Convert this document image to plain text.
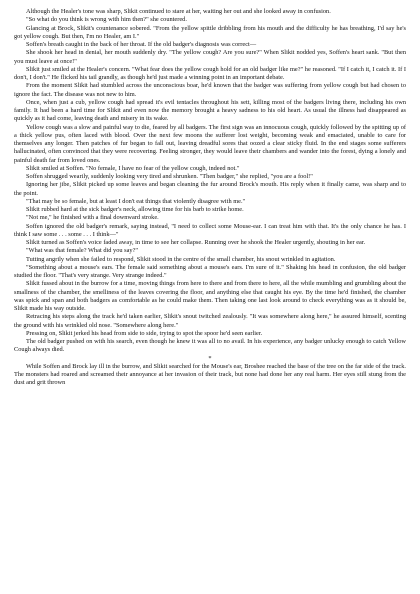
Although the Healer's tone was sharp, Slikit continued to stare at her, waiting her out and she looked away in confusion.

"So what do you think is wrong with him then?" she countered.

Glancing at Brock, Slikit's countenance sobered. "From the yellow spittle dribbling from his mouth and the difficulty he has breathing, I'd say he's got yellow cough. But then, I'm no Healer, am I."

Soffen's breath caught in the back of her throat. If the old badger's diagnosis was correct—

She shook her head in denial, her mouth suddenly dry. "The yellow cough? Are you sure?" When Slikit nodded yes, Soffen's heart sank. "But then you must leave at once!"

Slikit just smiled at the Healer's concern. "What fear does the yellow cough hold for an old badger like me?" he reasoned. "If I catch it, I catch it. If I don't, I don't." He flicked his tail grandly, as though he'd just made a winning point in an important debate.

From the moment Slikit had stumbled across the unconscious boar, he'd known that the badger was suffering from yellow cough but had chosen to ignore the fact. The disease was not new to him.

Once, when just a cub, yellow cough had spread it's evil tentacles throughout his sett, killing most of the badgers living there, including his own family. It had been a hard time for Slikit and even now the memory brought a heavy sadness to his old heart. As usual the illness had disappeared as quickly as it had come, leaving death and misery in its wake.

Yellow cough was a slow and painful way to die, feared by all badgers. The first sign was an innocuous cough, quickly followed by the spitting up of a thick yellow pus, often laced with blood. Over the next few moons the sufferer lost weight, becoming weak and emaciated, unable to care for themselves any longer. Then patches of fur began to fall out, leaving dreadful sores that oozed a clear sticky fluid. In the end stages some sufferers hallucinated, often convinced that they were recovering. Feeling stronger, they would leave their chambers and wander into the forest, dying a lonely and painful death far from loved ones.

Slikit smiled at Soffen. "No female, I have no fear of the yellow cough, indeed not."

Soffen shrugged wearily, suddenly looking very tired and shrunken. "Then badger," she replied, "you are a fool!"

Ignoring her jibe, Slikit picked up some leaves and began cleaning the fur around Brock's mouth. His reply when it finally came, was sharp and to the point.

"That may be so female, but at least I don't eat things that violently disagree with me."

Slikit rubbed hard at the sick badger's neck, allowing time for his barb to strike home.

"Not me," he finished with a final downward stroke.

Soffen ignored the old badger's remark, saying instead, "I need to collect some Mouse-ear. I can treat him with that. It's the only chance he has. I think I saw some . . . some . . . I think—"

Slikit turned as Soffen's voice faded away, in time to see her collapse. Running over he shook the Healer urgently, shouting in her ear.

"What was that female? What did you say?"

Tutting angrily when she failed to respond, Slikit stood in the centre of the small chamber, his snout wrinkled in agitation.

"Something about a mouse's ears. The female said something about a mouse's ears. I'm sure of it." Shaking his head in confusion, the old badger studied the floor. "That's very strange. Very strange indeed."

Slikit fussed about in the burrow for a time, moving things from here to there and from there to here, all the while mumbling and grumbling about the smallness of the chamber, the smelliness of the leaves covering the floor, and anything else that caught his eye. By the time he'd finished, the chamber was spick and span and both badgers as comfortable as he could make them. Then taking one last look around to check everything was as it should be, Slikit made his way outside.

Retracing his steps along the track he'd taken earlier, Slikit's snout twitched zealously. "It was somewhere along here," he assured himself, scenting the ground with his wrinkled old nose. "Somewhere along here."

Pressing on, Slikit jerked his head from side to side, trying to spot the spoor he'd seen earlier.

The old badger pushed on with his search, even though he knew it was all to no avail. In his experience, any badger unlucky enough to catch Yellow Cough always died.

*

While Soffen and Brock lay ill in the burrow, and Slikit searched for the Mouse's ear, Broshee reached the base of the tree on the far side of the track. The monsters had roared and screamed their annoyance at her invasion of their track, but none had done her any real harm. Her eyes still stung from the dust and grit thrown
